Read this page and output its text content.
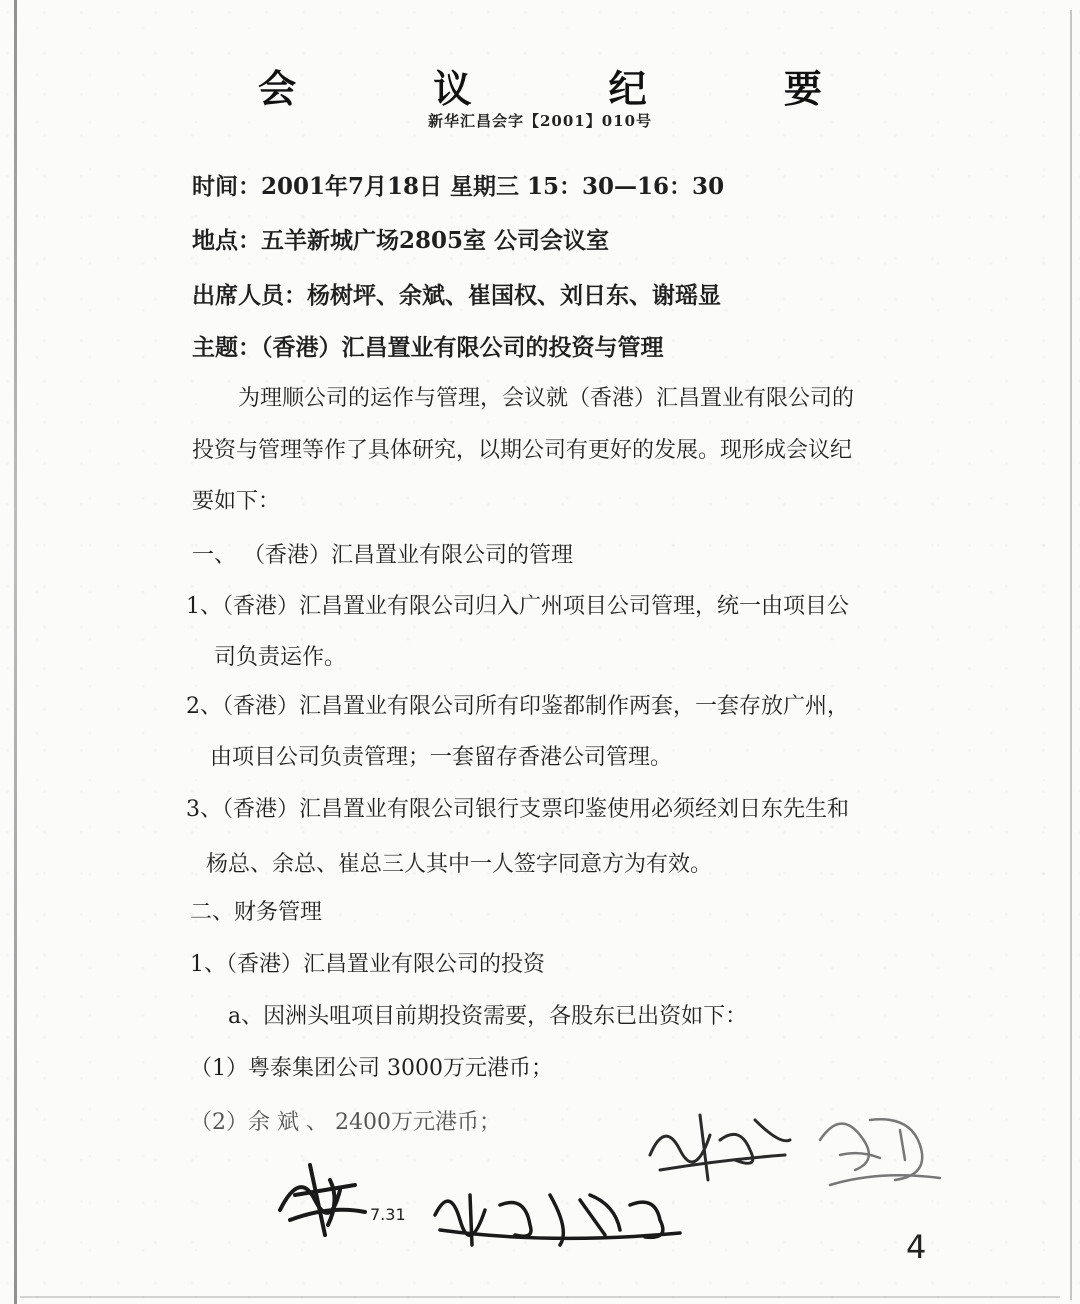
会 议 纪 要
新华汇昌会字【2001】010号
时间：2001年7月18日 星期三 15：30—16：30
地点：五羊新城广场2805室 公司会议室
出席人员：杨树坪、余斌、崔国权、刘日东、谢瑶显
主题：（香港）汇昌置业有限公司的投资与管理
为理顺公司的运作与管理，会议就（香港）汇昌置业有限公司的
投资与管理等作了具体研究，以期公司有更好的发展。现形成会议纪
要如下：
一、 （香港）汇昌置业有限公司的管理
1、（香港）汇昌置业有限公司归入广州项目公司管理，统一由项目公
司负责运作。
2、（香港）汇昌置业有限公司所有印鉴都制作两套，一套存放广州，
由项目公司负责管理；一套留存香港公司管理。
3、（香港）汇昌置业有限公司银行支票印鉴使用必须经刘日东先生和
杨总、余总、崔总三人其中一人签字同意方为有效。
二、财务管理
1、（香港）汇昌置业有限公司的投资
a、因洲头咀项目前期投资需要，各股东已出资如下：
（1）粤泰集团公司 3000万元港币；
（2）余 斌 、 2400万元港币；
7.31
4
